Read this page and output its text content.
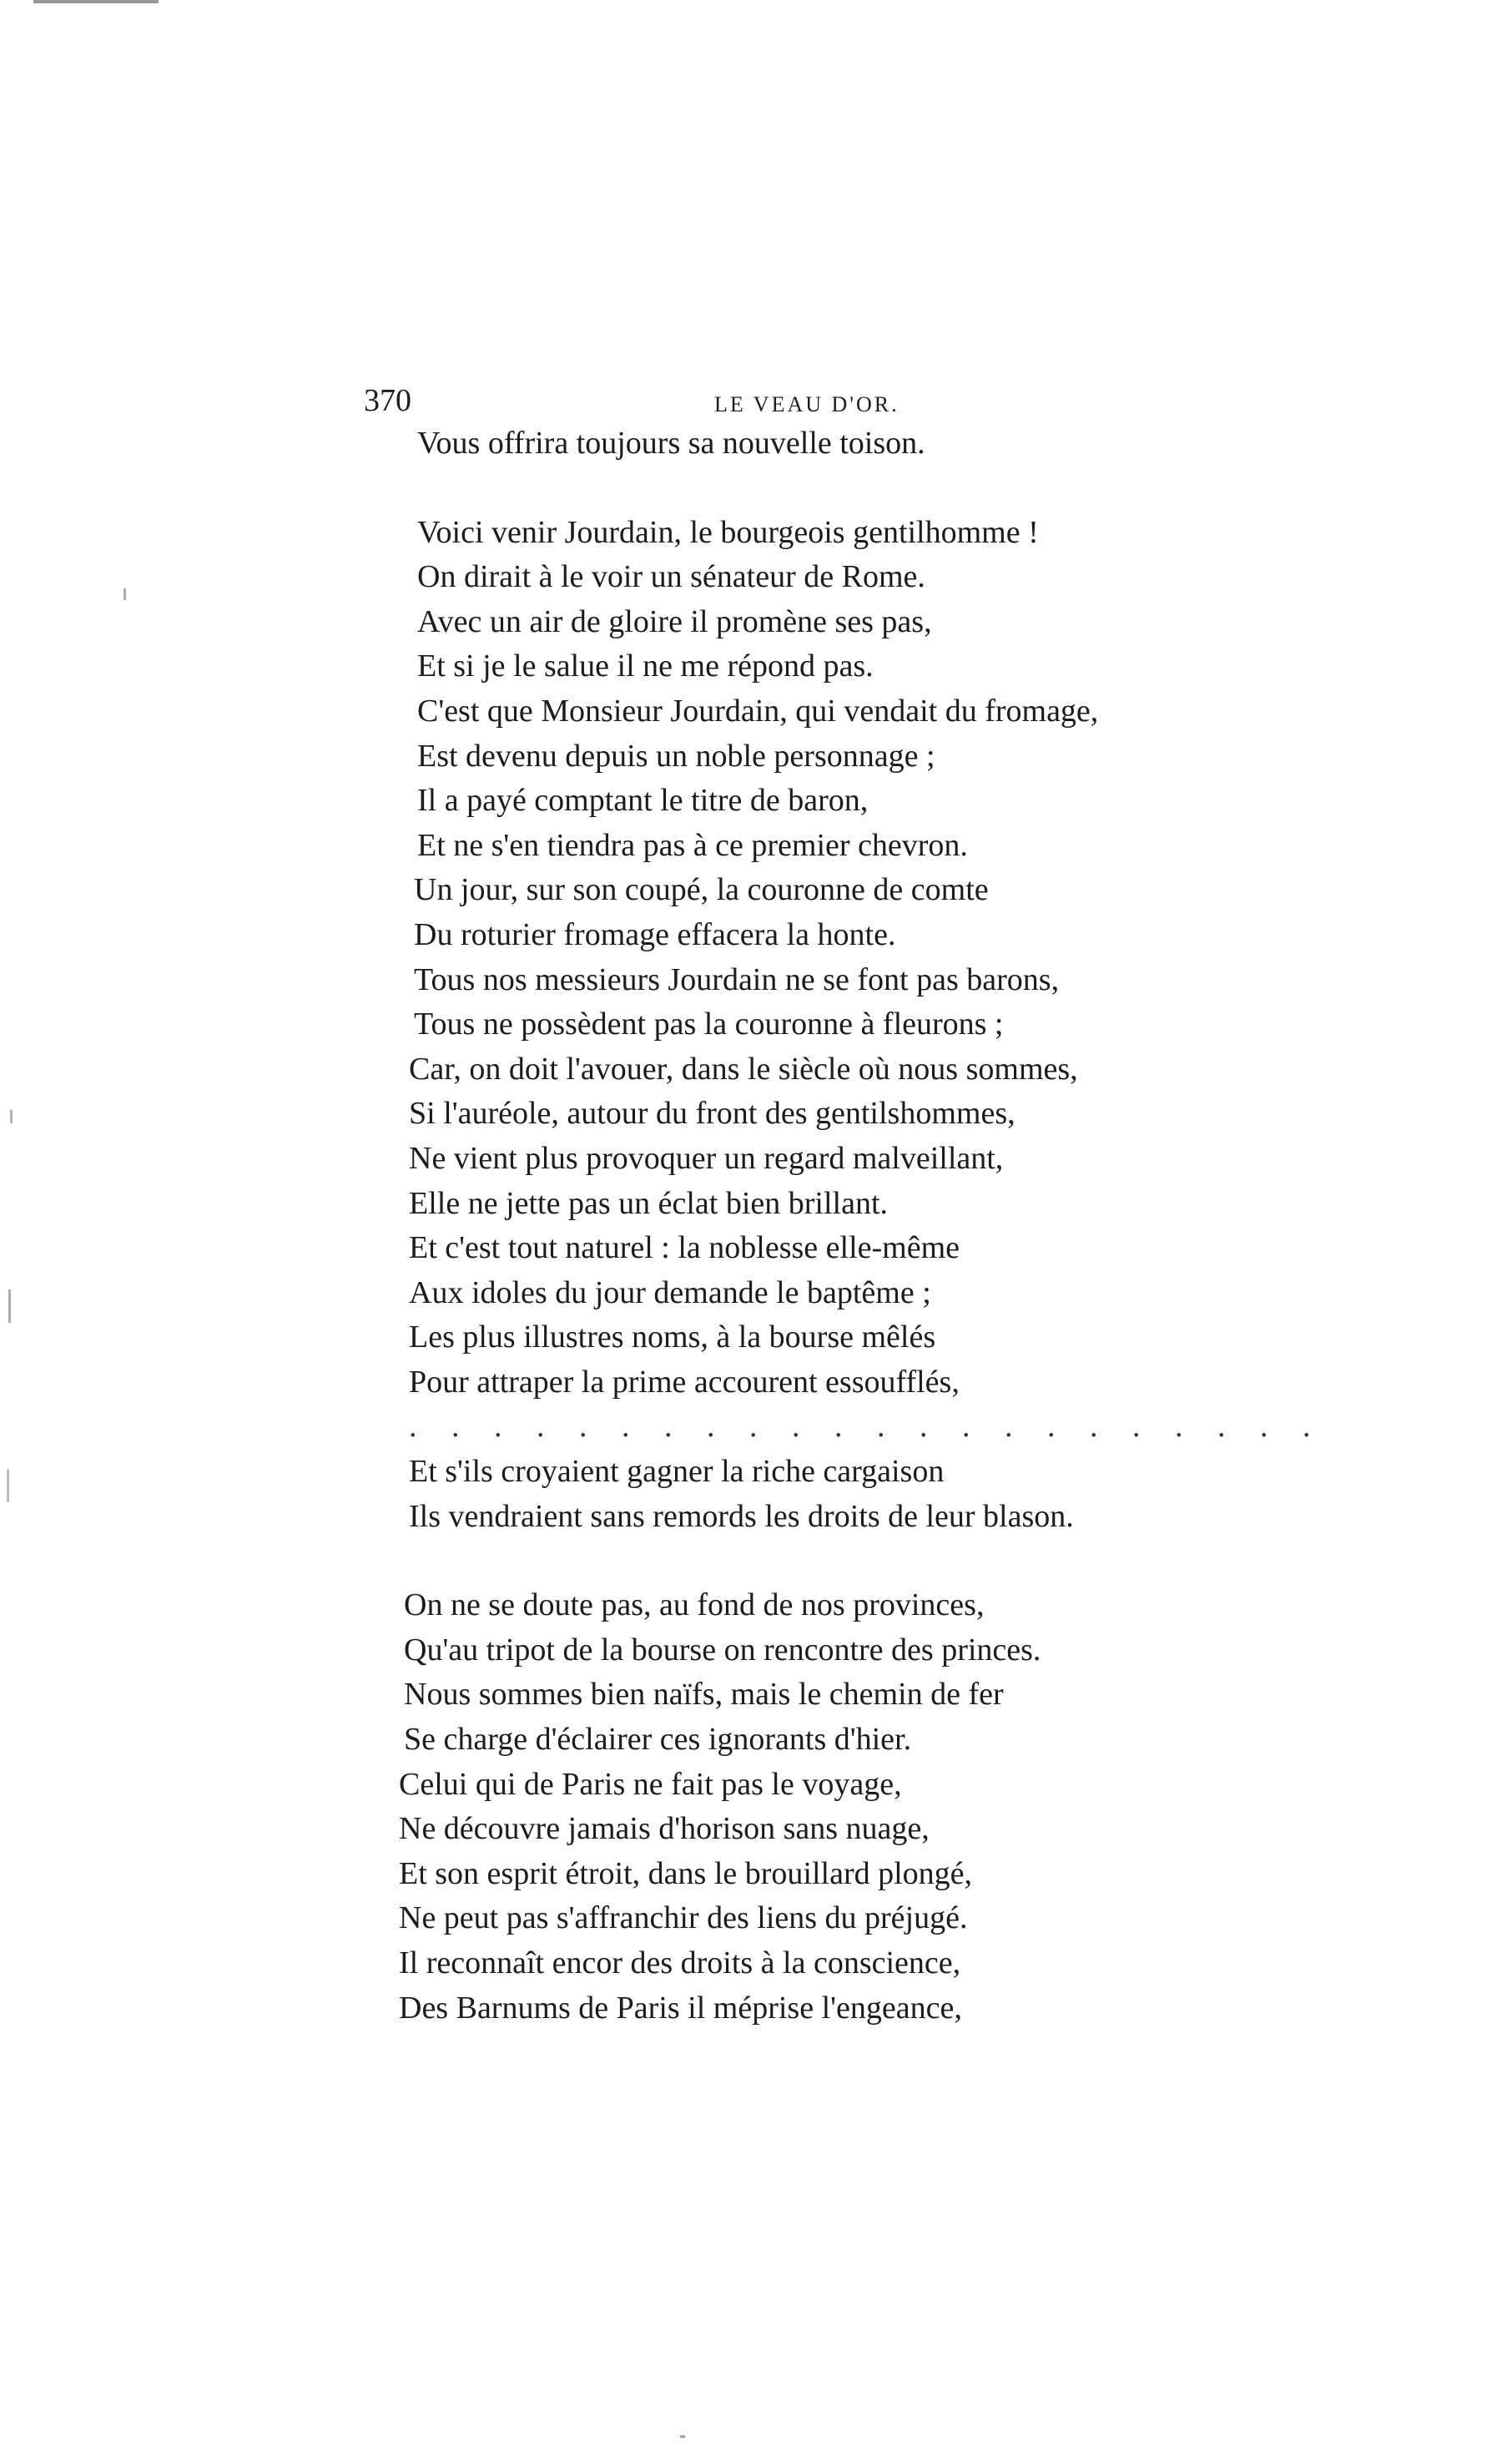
370	LE VEAU D'OR.
Vous offrira toujours sa nouvelle toison.
Voici venir Jourdain, le bourgeois gentilhomme !
On dirait à le voir un sénateur de Rome.
Avec un air de gloire il promène ses pas,
Et si je le salue il ne me répond pas.
C'est que Monsieur Jourdain, qui vendait du fromage,
Est devenu depuis un noble personnage ;
Il a payé comptant le titre de baron,
Et ne s'en tiendra pas à ce premier chevron.
Un jour, sur son coupé, la couronne de comte
Du roturier fromage effacera la honte.
Tous nos messieurs Jourdain ne se font pas barons,
Tous ne possèdent pas la couronne à fleurons ;
Car, on doit l'avouer, dans le siècle où nous sommes,
Si l'auréole, autour du front des gentilshommes,
Ne vient plus provoquer un regard malveillant,
Elle ne jette pas un éclat bien brillant.
Et c'est tout naturel : la noblesse elle-même
Aux idoles du jour demande le baptême ;
Les plus illustres noms, à la bourse mêlés
Pour attraper la prime accourent essoufflés,
. . . . . . . . . . . . . . . . . . . . . .
Et s'ils croyaient gagner la riche cargaison
Ils vendraient sans remords les droits de leur blason.
On ne se doute pas, au fond de nos provinces,
Qu'au tripot de la bourse on rencontre des princes.
Nous sommes bien naïfs, mais le chemin de fer
Se charge d'éclairer ces ignorants d'hier.
Celui qui de Paris ne fait pas le voyage,
Ne découvre jamais d'horison sans nuage,
Et son esprit étroit, dans le brouillard plongé,
Ne peut pas s'affranchir des liens du préjugé.
Il reconnaît encor des droits à la conscience,
Des Barnums de Paris il méprise l'engeance,
